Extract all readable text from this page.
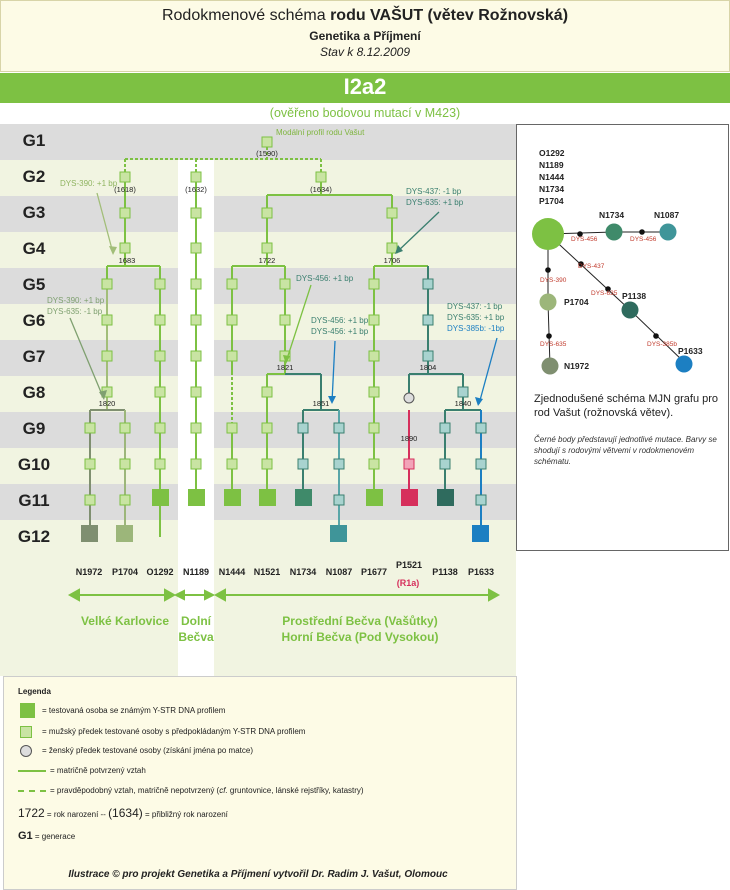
Rodokmenové schéma rodu VAŠUT (větev Rožnovská)
Genetika a Příjmení
Stav k 8.12.2009
I2a2
(ověřeno bodovou mutací v M423)
G1
G2
G3
G4
G5
G6
G7
G8
G9
G10
G11
G12
Modální profil rodu Vašut
(1590)
(1618)	(1632)	(1634)
1683	1722	1706
1821	1804
1820	1851	1840
1890
DYS-390: +1 bp
DYS-437: -1 bp
DYS-635: +1 bp
DYS-456: +1 bp
DYS-390: +1 bp
DYS-635: -1 bp
DYS-456: +1 bp
DYS-456: +1 bp
DYS-437: -1 bp
DYS-635: +1 bp
DYS-385b: -1bp
N1972 P1704 O1292 N1189 N1444 N1521 N1734 N1087 P1677
P1521
(R1a)
P1138 P1633
Velké Karlovice Dolní
Bečva
Prostřední Bečva (Vašůtky)
Horní Bečva (Pod Vysokou)
O1292
N1189
N1444
N1734
P1704
N1734	N1087
P1704
P1138
N1972
P1633
DYS-456	DYS-456
DYS-437
DYS-390
DYS-635
DYS-635	DYS-385b
Zjednodušené schéma MJN grafu pro rod Vašut (rožnovská větev).
Černé body představují jednotlivé mutace. Barvy se shodují s rodovými větvemi v rodokmenovém schématu.
Legenda
= testovaná osoba se známým Y-STR DNA profilem
= mužský předek testované osoby s předpokládaným Y-STR DNA profilem
= ženský předek testované osoby (získání jména po matce)
= matričně potvrzený vztah
= pravděpodobný vztah, matričně nepotvrzený (cf. gruntovnice, lánské rejstříky, katastry)
1722 = rok narození -- (1634) = přibližný rok narození
G1 = generace
Ilustrace © pro projekt Genetika a Příjmení vytvořil Dr. Radim J. Vašut, Olomouc
